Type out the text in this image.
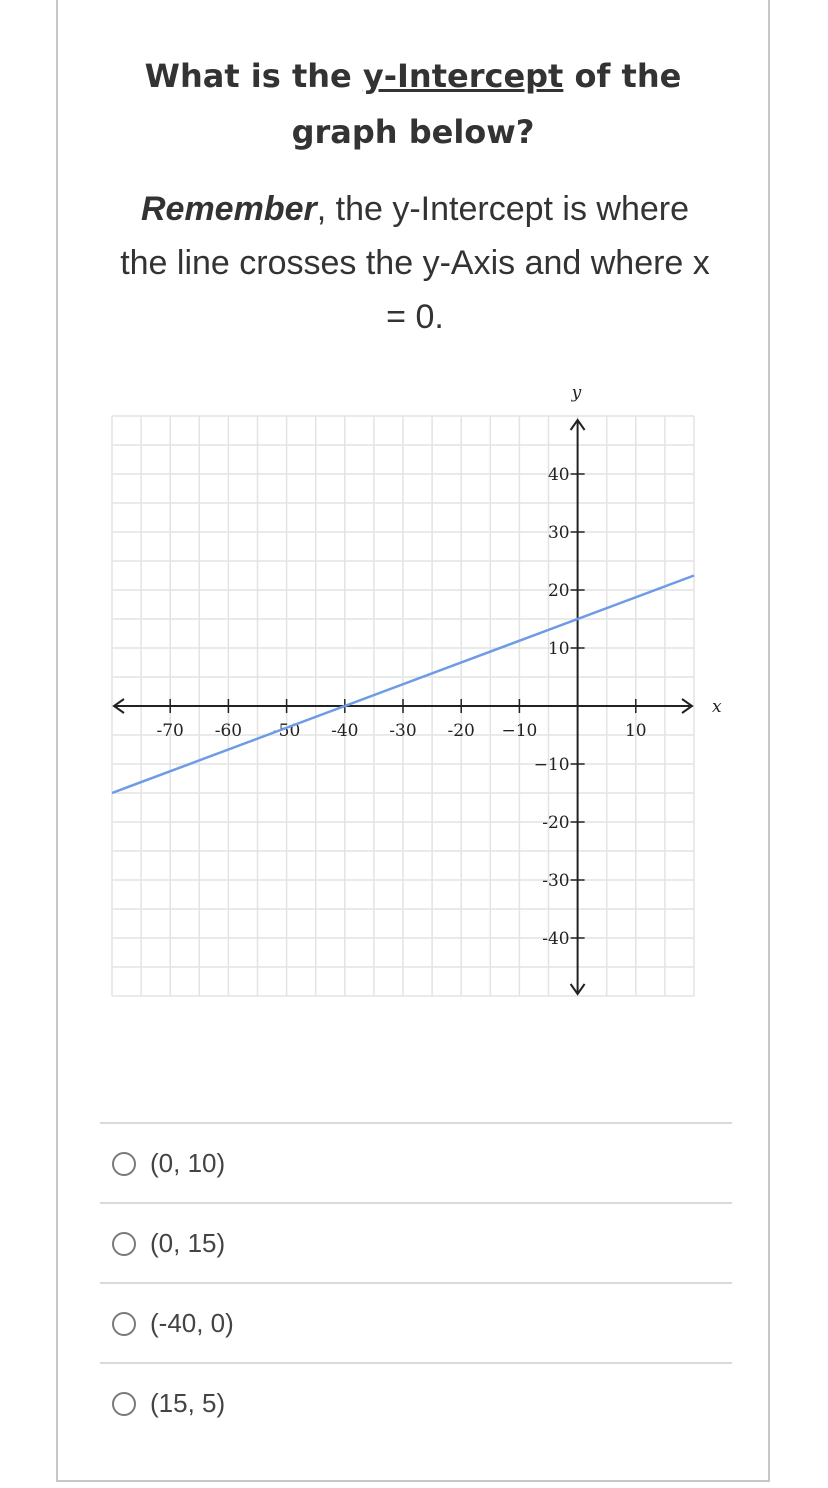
What is the y-Intercept of the
graph below?
Remember, the y-Intercept is where
the line crosses the y-Axis and where x
= 0.
x
y
-70 -60 -50 -40 -30 -20 −10	10
40
30
20
10
−10
-20
-30
-40
(0, 10)
(0, 15)
(-40, 0)
(15, 5)
